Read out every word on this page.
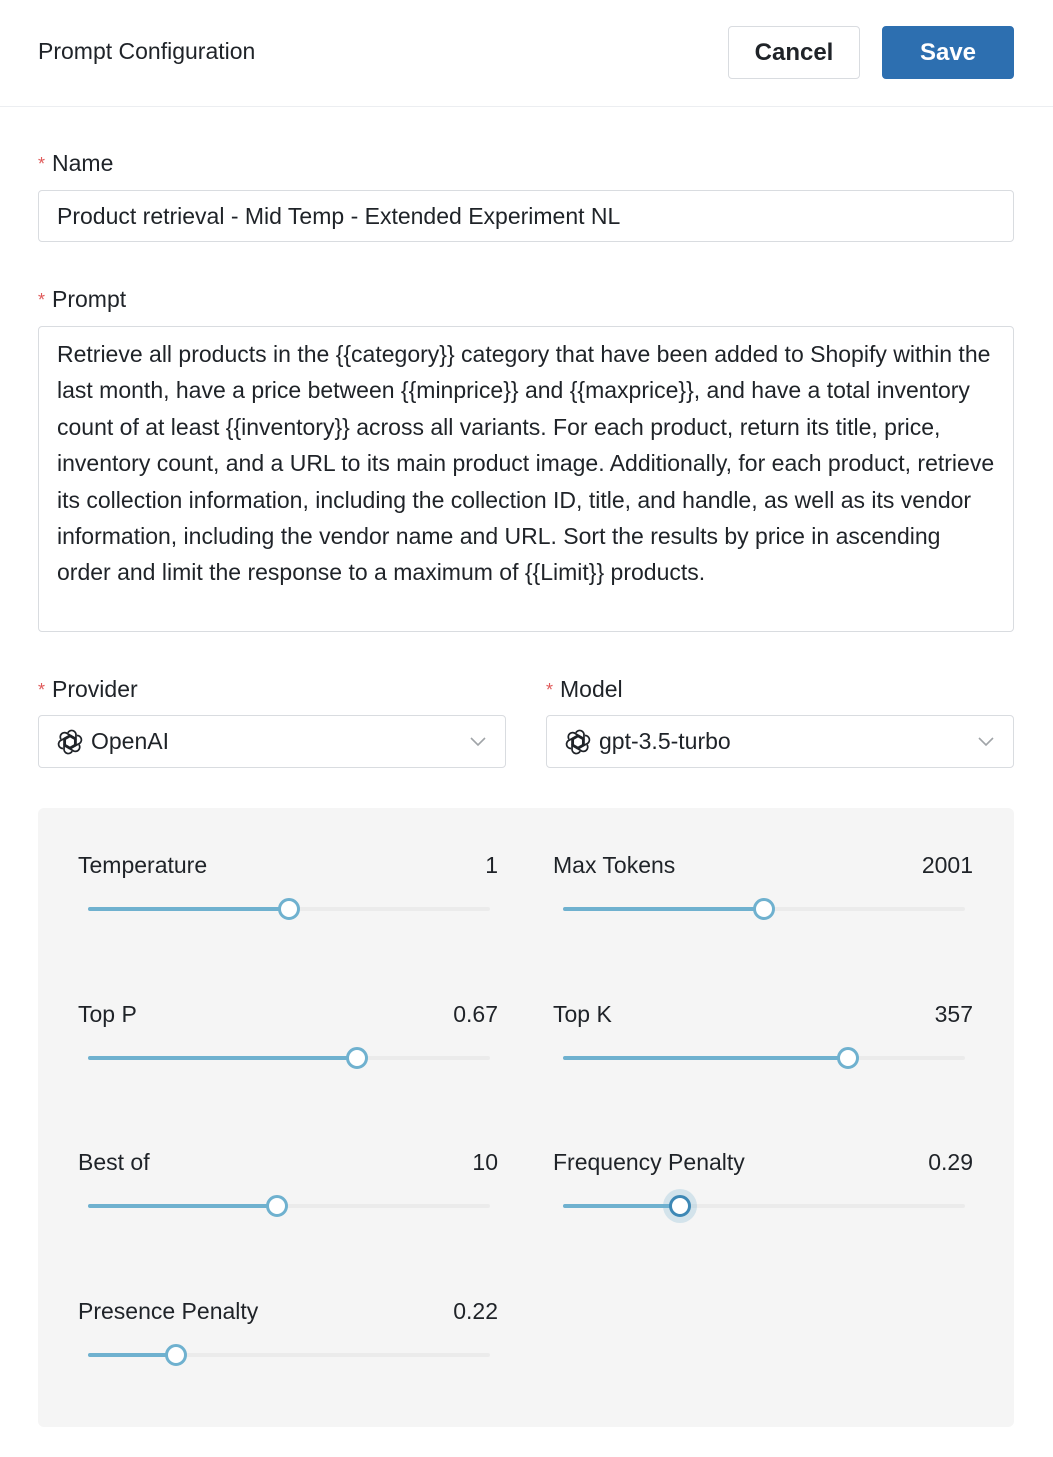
Prompt Configuration	Cancel	Save
* Name
Product retrieval - Mid Temp - Extended Experiment NL
* Prompt
Retrieve all products in the {{category}} category that have been added to Shopify within the last month, have a price between {{minprice}} and {{maxprice}}, and have a total inventory count of at least {{inventory}} across all variants. For each product, return its title, price, inventory count, and a URL to its main product image. Additionally, for each product, retrieve its collection information, including the collection ID, title, and handle, as well as its vendor information, including the vendor name and URL. Sort the results by price in ascending order and limit the response to a maximum of {{Limit}} products.
* Provider	* Model
OpenAI	gpt-3.5-turbo
Temperature	1 Max Tokens	2001
Top P	0.67 Top K	357
Best of	10 Frequency Penalty	0.29
Presence Penalty	0.22
